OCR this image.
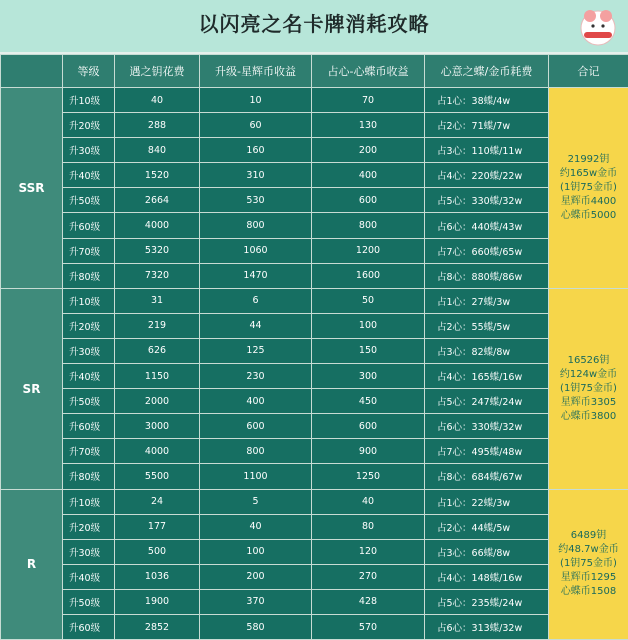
以闪亮之名卡牌消耗攻略
	等级	遇之钥花费	升级-星辉币收益	占心-心蝶币收益	心意之蝶/金币耗费	合记
SSR	升10级	40	10	70	占1心：38蝶/4w	21992钥
约165w金币
(1钥75金币)
星辉币4400
心蝶币5000

	升20级	288	60	130	占2心：71蝶/7w	
	升30级	840	160	200	占3心：110蝶/11w	
	升40级	1520	310	400	占4心：220蝶/22w	
	升50级	2664	530	600	占5心：330蝶/32w	
	升60级	4000	800	800	占6心：440蝶/43w	
	升70级	5320	1060	1200	占7心：660蝶/65w	
	升80级	7320	1470	1600	占8心：880蝶/86w	
SR	升10级	31	6	50	占1心：27蝶/3w	16526钥
约124w金币
(1钥75金币)
星辉币3305
心蝶币3800

	升20级	219	44	100	占2心：55蝶/5w	
	升30级	626	125	150	占3心：82蝶/8w	
	升40级	1150	230	300	占4心：165蝶/16w	
	升50级	2000	400	450	占5心：247蝶/24w	
	升60级	3000	600	600	占6心：330蝶/32w	
	升70级	4000	800	900	占7心：495蝶/48w	
	升80级	5500	1100	1250	占8心：684蝶/67w	
R	升10级	24	5	40	占1心：22蝶/3w	6489钥
约48.7w金币
(1钥75金币)
星辉币1295
心蝶币1508

	升20级	177	40	80	占2心：44蝶/5w	
	升30级	500	100	120	占3心：66蝶/8w	
	升40级	1036	200	270	占4心：148蝶/16w	
	升50级	1900	370	428	占5心：235蝶/24w	
	升60级	2852	580	570	占6心：313蝶/32w	
